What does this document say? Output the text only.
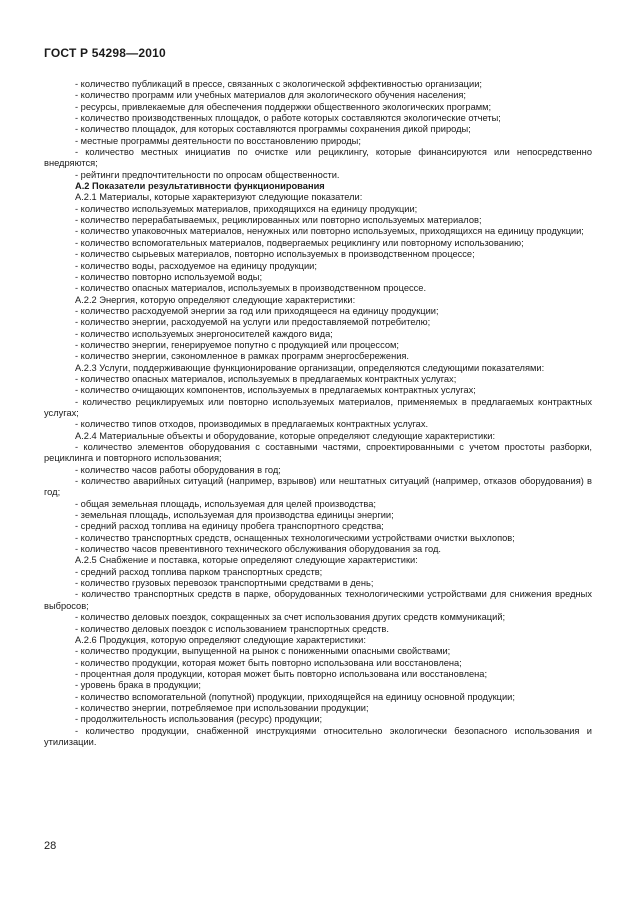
ГОСТ Р 54298—2010

- количество публикаций в прессе, связанных с экологической эффективностью организации;

- количество программ или учебных материалов для экологического обучения населения;

- ресурсы, привлекаемые для обеспечения поддержки общественного экологических программ;

- количество производственных площадок, о работе которых составляются экологические отчеты;

- количество площадок, для которых составляются программы сохранения дикой природы;

- местные программы деятельности по восстановлению природы;

- количество местных инициатив по очистке или рециклингу, которые финансируются или непосредственно внедряются;

- рейтинги предпочтительности по опросам общественности.

А.2 Показатели результативности функционирования

А.2.1 Материалы, которые характеризуют следующие показатели:

- количество используемых материалов, приходящихся на единицу продукции;

- количество перерабатываемых, рециклированных или повторно используемых материалов;

- количество упаковочных материалов, ненужных или повторно используемых, приходящихся на единицу продукции;

- количество вспомогательных материалов, подвергаемых рециклингу или повторному использованию;

- количество сырьевых материалов, повторно используемых в производственном процессе;

- количество воды, расходуемое на единицу продукции;

- количество повторно используемой воды;

- количество опасных материалов, используемых в производственном процессе.

А.2.2 Энергия, которую определяют следующие характеристики:

- количество расходуемой энергии за год или приходящееся на единицу продукции;

- количество энергии, расходуемой на услуги или предоставляемой потребителю;

- количество используемых энергоносителей каждого вида;

- количество энергии, генерируемое попутно с продукцией или процессом;

- количество энергии, сэкономленное в рамках программ энергосбережения.

А.2.3 Услуги, поддерживающие функционирование организации, определяются следующими показателями:

- количество опасных материалов, используемых в предлагаемых контрактных услугах;

- количество очищающих компонентов, используемых в предлагаемых контрактных услугах;

- количество рециклируемых или повторно используемых материалов, применяемых в предлагаемых контрактных услугах;

- количество типов отходов, производимых в предлагаемых контрактных услугах.

А.2.4 Материальные объекты и оборудование, которые определяют следующие характеристики:

- количество элементов оборудования с составными частями, спроектированными с учетом простоты разборки, рециклинга и повторного использования;

- количество часов работы оборудования в год;

- количество аварийных ситуаций (например, взрывов) или нештатных ситуаций (например, отказов оборудования) в год;

- общая земельная площадь, используемая для целей производства;

- земельная площадь, используемая для производства единицы энергии;

- средний расход топлива на единицу пробега транспортного средства;

- количество транспортных средств, оснащенных технологическими устройствами очистки выхлопов;

- количество часов превентивного технического обслуживания оборудования за год.

А.2.5 Снабжение и поставка, которые определяют следующие характеристики:

- средний расход топлива парком транспортных средств;

- количество грузовых перевозок транспортными средствами в день;

- количество транспортных средств в парке, оборудованных технологическими устройствами для снижения вредных выбросов;

- количество деловых поездок, сокращенных за счет использования других средств коммуникаций;

- количество деловых поездок с использованием транспортных средств.

А.2.6 Продукция, которую определяют следующие характеристики:

- количество продукции, выпущенной на рынок с пониженными опасными свойствами;

- количество продукции, которая может быть повторно использована или восстановлена;

- процентная доля продукции, которая может быть повторно использована или восстановлена;

- уровень брака в продукции;

- количество вспомогательной (попутной) продукции, приходящейся на единицу основной продукции;

- количество энергии, потребляемое при использовании продукции;

- продолжительность использования (ресурс) продукции;

- количество продукции, снабженной инструкциями относительно экологически безопасного использования и утилизации.

28
